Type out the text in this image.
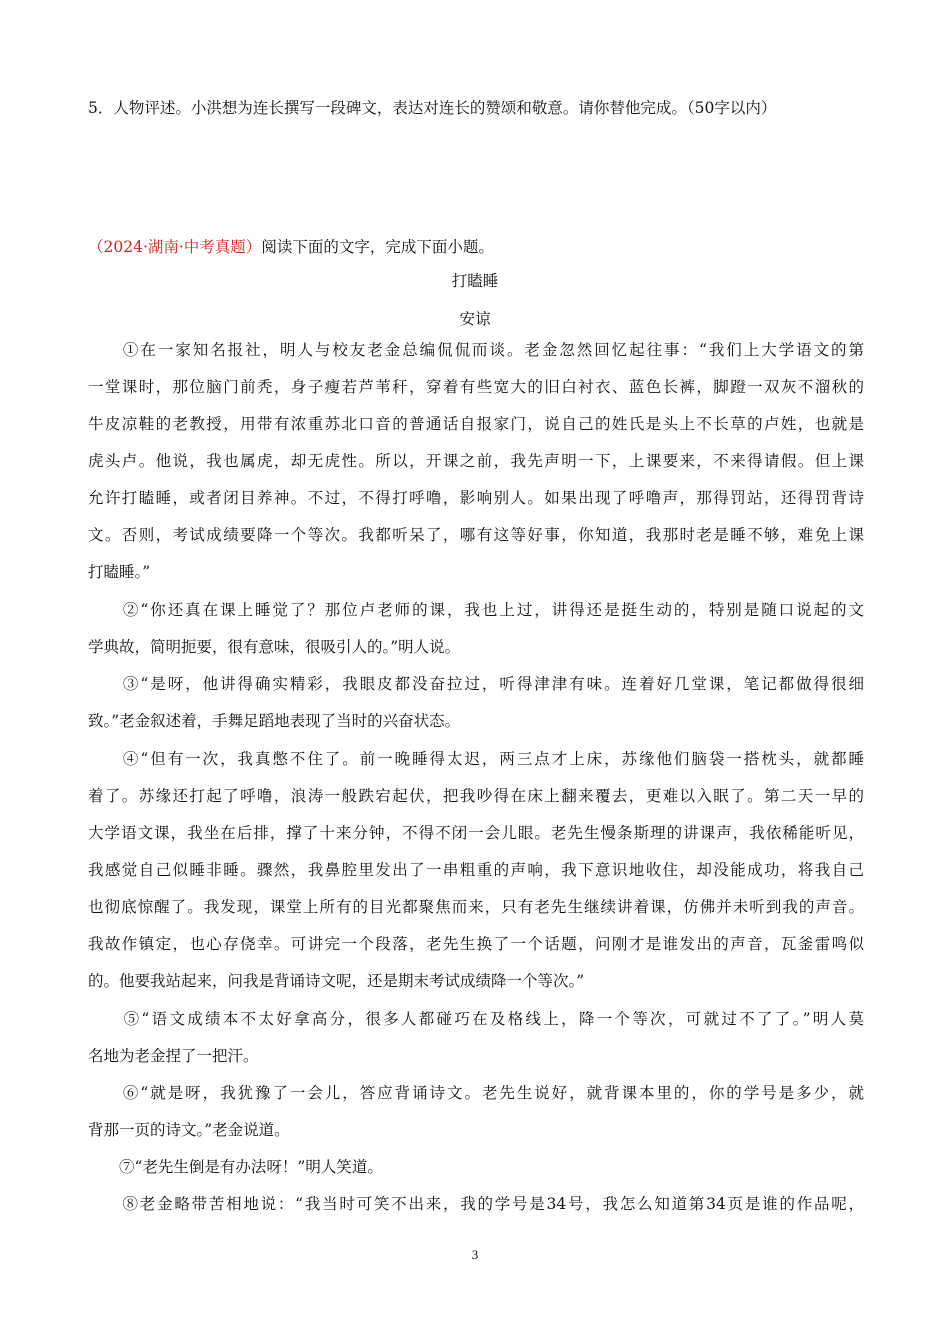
5．人物评述。小洪想为连长撰写一段碑文，表达对连长的赞颂和敬意。请你替他完成。（50字以内）
（2024·湖南·中考真题）阅读下面的文字，完成下面小题。
打瞌睡
安谅
　　①在一家知名报社，明人与校友老金总编侃侃而谈。老金忽然回忆起往事：“我们上大学语文的第
一堂课时，那位脑门前秃，身子瘦若芦苇秆，穿着有些宽大的旧白衬衣、蓝色长裤，脚蹬一双灰不溜秋的
牛皮凉鞋的老教授，用带有浓重苏北口音的普通话自报家门，说自己的姓氏是头上不长草的卢姓，也就是
虎头卢。他说，我也属虎，却无虎性。所以，开课之前，我先声明一下，上课要来，不来得请假。但上课
允许打瞌睡，或者闭目养神。不过，不得打呼噜，影响别人。如果出现了呼噜声，那得罚站，还得罚背诗
文。否则，考试成绩要降一个等次。我都听呆了，哪有这等好事，你知道，我那时老是睡不够，难免上课
打瞌睡。”
　　②“你还真在课上睡觉了？那位卢老师的课，我也上过，讲得还是挺生动的，特别是随口说起的文
学典故，简明扼要，很有意味，很吸引人的。”明人说。
　　③“是呀，他讲得确实精彩，我眼皮都没奋拉过，听得津津有味。连着好几堂课，笔记都做得很细
致。”老金叙述着，手舞足蹈地表现了当时的兴奋状态。
　　④“但有一次，我真憋不住了。前一晚睡得太迟，两三点才上床，苏缘他们脑袋一搭枕头，就都睡
着了。苏缘还打起了呼噜，浪涛一般跌宕起伏，把我吵得在床上翻来覆去，更难以入眠了。第二天一早的
大学语文课，我坐在后排，撑了十来分钟，不得不闭一会儿眼。老先生慢条斯理的讲课声，我依稀能听见，
我感觉自己似睡非睡。骤然，我鼻腔里发出了一串粗重的声响，我下意识地收住，却没能成功，将我自己
也彻底惊醒了。我发现，课堂上所有的目光都聚焦而来，只有老先生继续讲着课，仿佛并未听到我的声音。
我故作镇定，也心存侥幸。可讲完一个段落，老先生换了一个话题，问刚才是谁发出的声音，瓦釜雷鸣似
的。他要我站起来，问我是背诵诗文呢，还是期末考试成绩降一个等次。”
　　⑤“语文成绩本不太好拿高分，很多人都碰巧在及格线上，降一个等次，可就过不了了。”明人莫
名地为老金捏了一把汗。
　　⑥“就是呀，我犹豫了一会儿，答应背诵诗文。老先生说好，就背课本里的，你的学号是多少，就
背那一页的诗文。”老金说道。
　　⑦“老先生倒是有办法呀！”明人笑道。
　　⑧老金略带苦相地说：“我当时可笑不出来，我的学号是34号，我怎么知道第34页是谁的作品呢，
3
